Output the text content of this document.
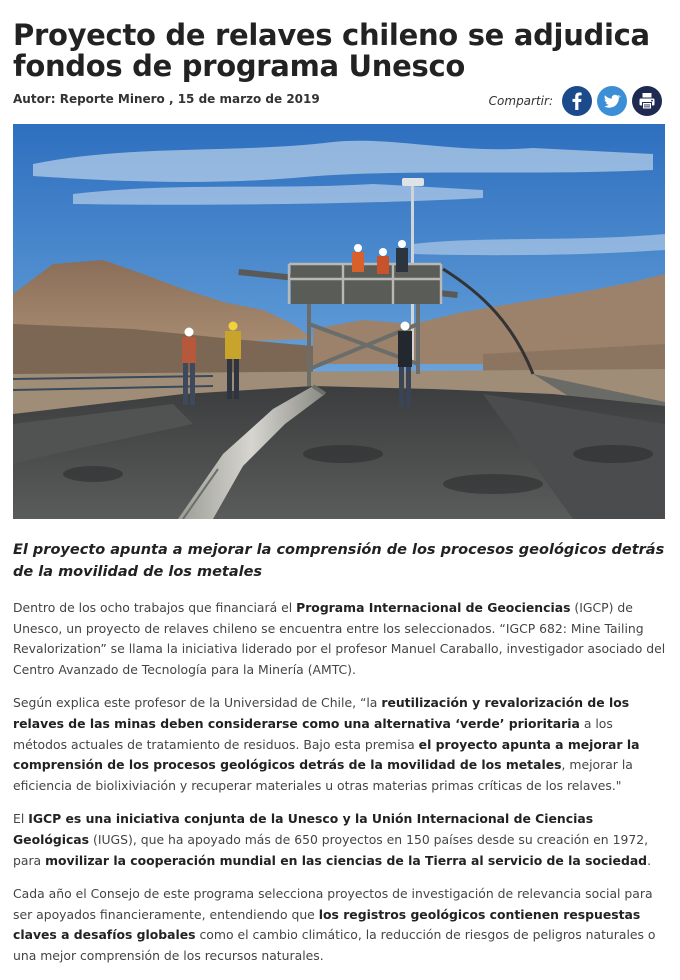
Proyecto de relaves chileno se adjudica fondos de programa Unesco
Autor: Reporte Minero , 15 de marzo de 2019	Compartir:
El proyecto apunta a mejorar la comprensión de los procesos geológicos detrás de la movilidad de los metales

Dentro de los ocho trabajos que financiará el Programa Internacional de Geociencias (IGCP) de Unesco, un proyecto de relaves chileno se encuentra entre los seleccionados. “IGCP 682: Mine Tailing Revalorization” se llama la iniciativa liderado por el profesor Manuel Caraballo, investigador asociado del Centro Avanzado de Tecnología para la Minería (AMTC).

Según explica este profesor de la Universidad de Chile, “la reutilización y revalorización de los relaves de las minas deben considerarse como una alternativa ‘verde’ prioritaria a los métodos actuales de tratamiento de residuos. Bajo esta premisa el proyecto apunta a mejorar la comprensión de los procesos geológicos detrás de la movilidad de los metales, mejorar la eficiencia de biolixiviación y recuperar materiales u otras materias primas críticas de los relaves."

El IGCP es una iniciativa conjunta de la Unesco y la Unión Internacional de Ciencias Geológicas (IUGS), que ha apoyado más de 650 proyectos en 150 países desde su creación en 1972, para movilizar la cooperación mundial en las ciencias de la Tierra al servicio de la sociedad.

Cada año el Consejo de este programa selecciona proyectos de investigación de relevancia social para ser apoyados financieramente, entendiendo que los registros geológicos contienen respuestas claves a desafíos globales como el cambio climático, la reducción de riesgos de peligros naturales o una mejor comprensión de los recursos naturales.
